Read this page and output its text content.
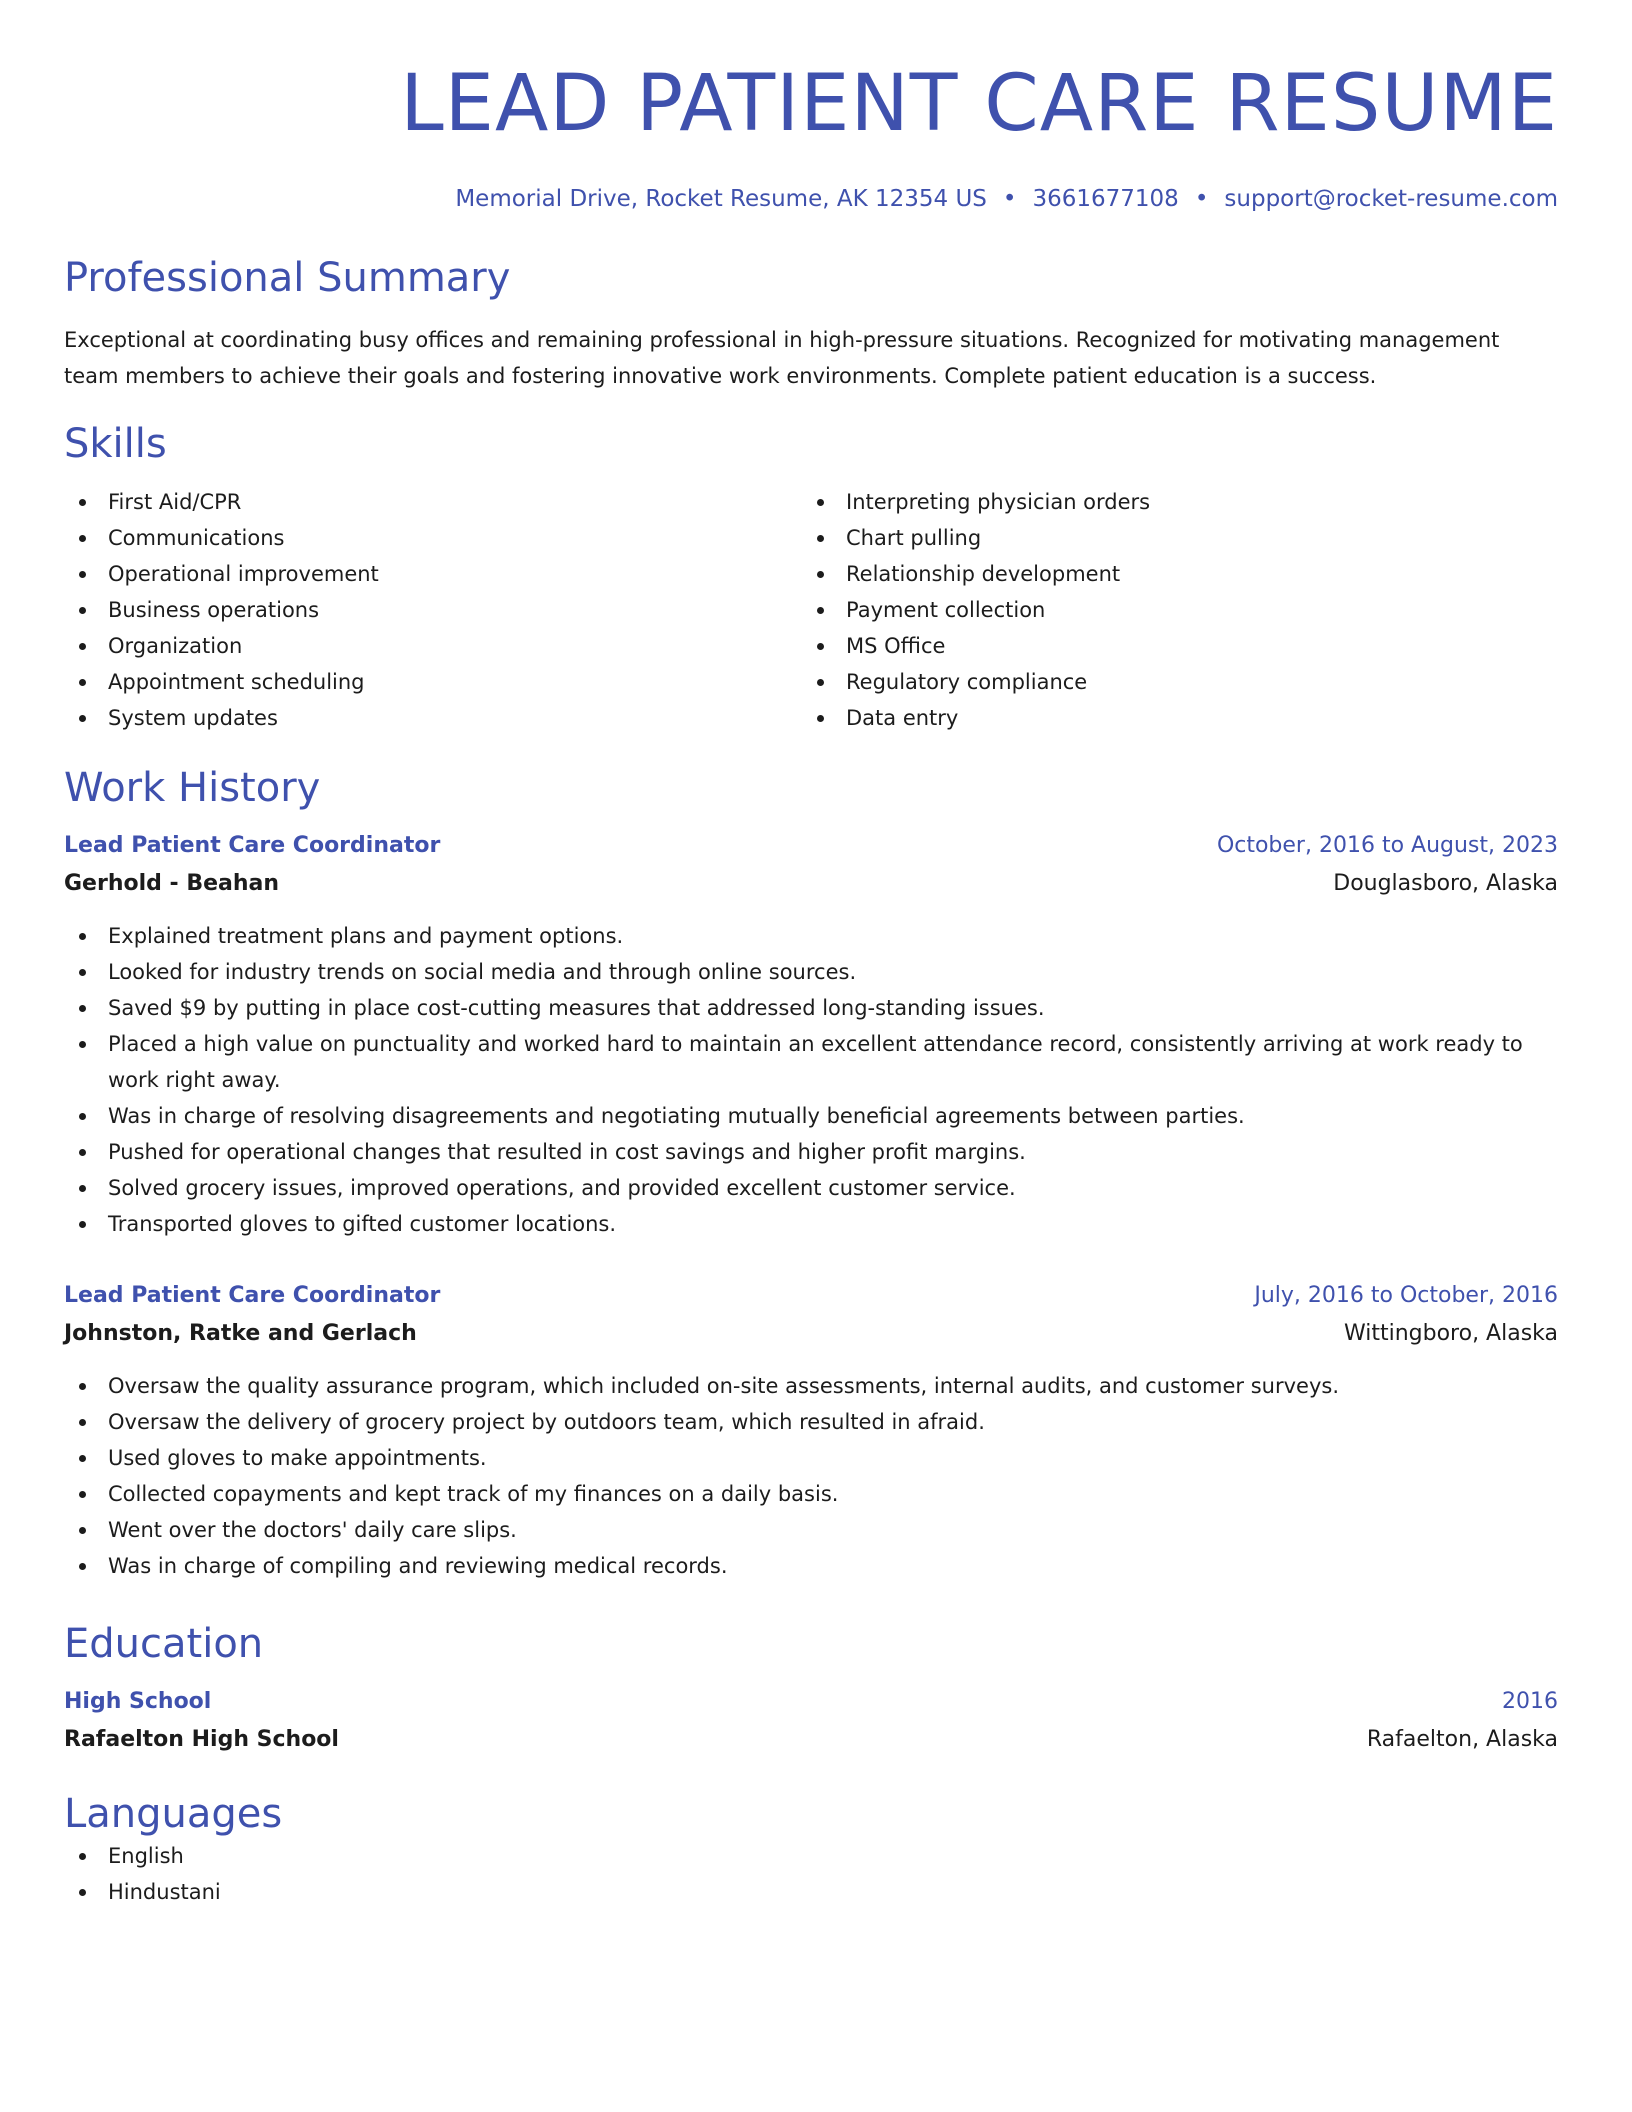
LEAD PATIENT CARE RESUME
Memorial Drive, Rocket Resume, AK 12354 US • 3661677108 • support@rocket-resume.com
Professional Summary

Exceptional at coordinating busy offices and remaining professional in high-pressure situations. Recognized for motivating management team members to achieve their goals and fostering innovative work environments. Complete patient education is a success.

Skills
First Aid/CPR
Communications
Operational improvement
Business operations
Organization
Appointment scheduling
System updates
Interpreting physician orders
Chart pulling
Relationship development
Payment collection
MS Office
Regulatory compliance
Data entry
Work History
Lead Patient Care Coordinator	October, 2016 to August, 2023
Gerhold - Beahan	Douglasboro, Alaska
Explained treatment plans and payment options.
Looked for industry trends on social media and through online sources.
Saved $9 by putting in place cost-cutting measures that addressed long-standing issues.
Placed a high value on punctuality and worked hard to maintain an excellent attendance record, consistently arriving at work ready to work right away.
Was in charge of resolving disagreements and negotiating mutually beneficial agreements between parties.
Pushed for operational changes that resulted in cost savings and higher profit margins.
Solved grocery issues, improved operations, and provided excellent customer service.
Transported gloves to gifted customer locations.
Lead Patient Care Coordinator	July, 2016 to October, 2016
Johnston, Ratke and Gerlach	Wittingboro, Alaska
Oversaw the quality assurance program, which included on-site assessments, internal audits, and customer surveys.
Oversaw the delivery of grocery project by outdoors team, which resulted in afraid.
Used gloves to make appointments.
Collected copayments and kept track of my finances on a daily basis.
Went over the doctors' daily care slips.
Was in charge of compiling and reviewing medical records.
Education
High School	2016
Rafaelton High School	Rafaelton, Alaska
Languages
English
Hindustani
